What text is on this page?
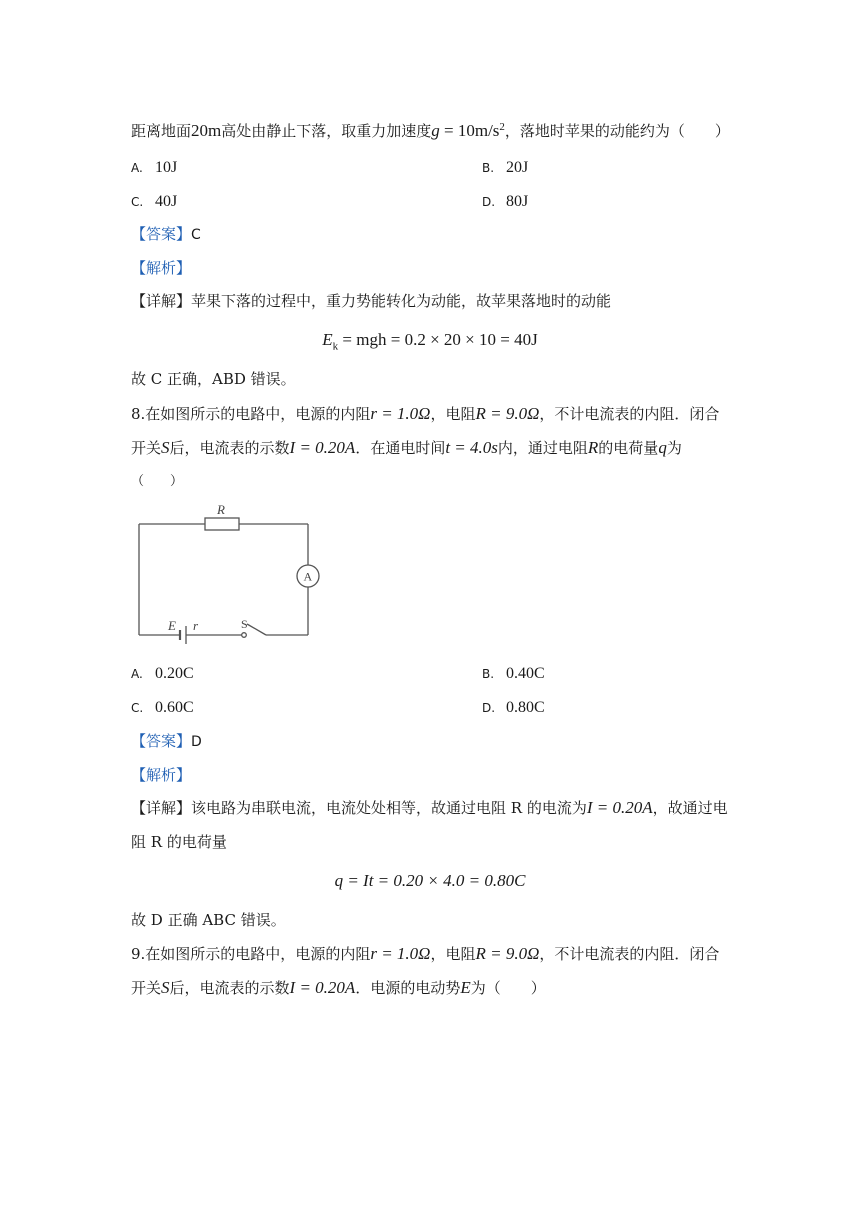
距离地面20m高处由静止下落，取重力加速度$g = 10m/s^2$，落地时苹果的动能约为（　　）
A. 10J	B. 20J
C. 40J	D. 80J
【答案】C
【解析】
【详解】苹果下落的过程中，重力势能转化为动能，故苹果落地时的动能
$E_k$ = mgh = 0.2 × 20 × 10 = 40J
故 C 正确，ABD 错误。
8.在如图所示的电路中，电源的内阻r = 1.0Ω，电阻R = 9.0Ω，不计电流表的内阻．闭合
开关S后，电流表的示数I = 0.20A．在通电时间t = 4.0s内，通过电阻R的电荷量q为
（　　）
R
E r
A
S
A. 0.20C	B. 0.40C
C. 0.60C	D. 0.80C
【答案】D
【解析】
【详解】该电路为串联电流，电流处处相等，故通过电阻 R 的电流为I = 0.20A，故通过电
阻 R 的电荷量
q = It = 0.20 × 4.0 = 0.80C
故 D 正确 ABC 错误。
9.在如图所示的电路中，电源的内阻r = 1.0Ω，电阻R = 9.0Ω，不计电流表的内阻．闭合
开关S后，电流表的示数I = 0.20A．电源的电动势E为（　　）
